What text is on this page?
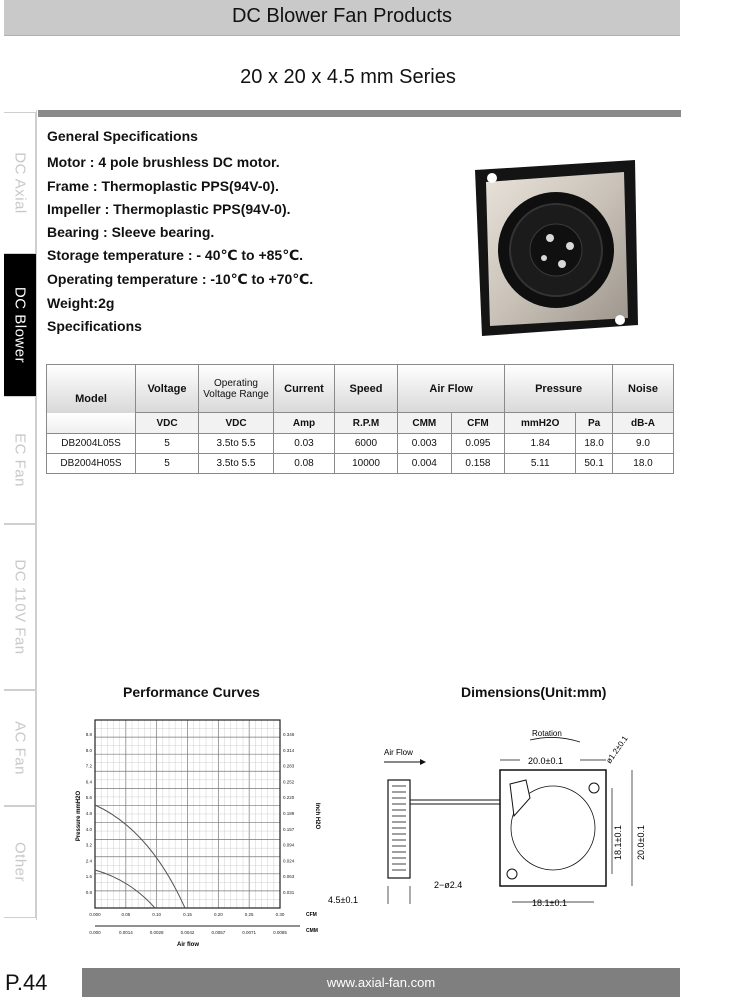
DC Blower Fan Products
20 x 20 x 4.5 mm Series
DC Axial
DC Blower
EC Fan
DC 110V Fan
AC Fan
Other
General Specifications
Motor : 4 pole brushless DC motor.
Frame : Thermoplastic PPS(94V-0).
Impeller : Thermoplastic PPS(94V-0).
Bearing : Sleeve bearing.
Storage temperature : - 40℃ to +85℃.
Operating temperature : -10℃ to +70℃.
Weight:2g
Specifications
Model	Voltage	Operating Voltage Range	Current	Speed	Air Flow		Pressure		Noise
	VDC	VDC	Amp	R.P.M	CMM	CFM	mmH2O	Pa	dB-A
DB2004L05S	5	3.5to 5.5	0.03	6000	0.003	0.095	1.84	18.0	9.0
DB2004H05S	5	3.5to 5.5	0.08	10000	0.004	0.158	5.11	50.1	18.0
Performance Curves	Dimensions(Unit:mm)
Pressure mmH2O	Inch H2O
Air flow
CFM
CMM
8.8
8.0
7.2
6.4
5.6
4.8
4.0
3.2
2.4
1.6
0.8
0.346
0.314
0.283
0.252
0.220
0.189
0.157
0.094
0.024
0.063
0.031
0.000	0.05	0.10	0.15	0.20	0.25	0.30
0.000	0.0014	0.0028	0.0042	0.0057	0.0071	0.0085
Air Flow
4.5±0.1
Rotation
20.0±0.1	ø1.2±0.1
2−ø2.4
18.1±0.1 20.0±0.1
18.1±0.1
P.44	www.axial-fan.com
